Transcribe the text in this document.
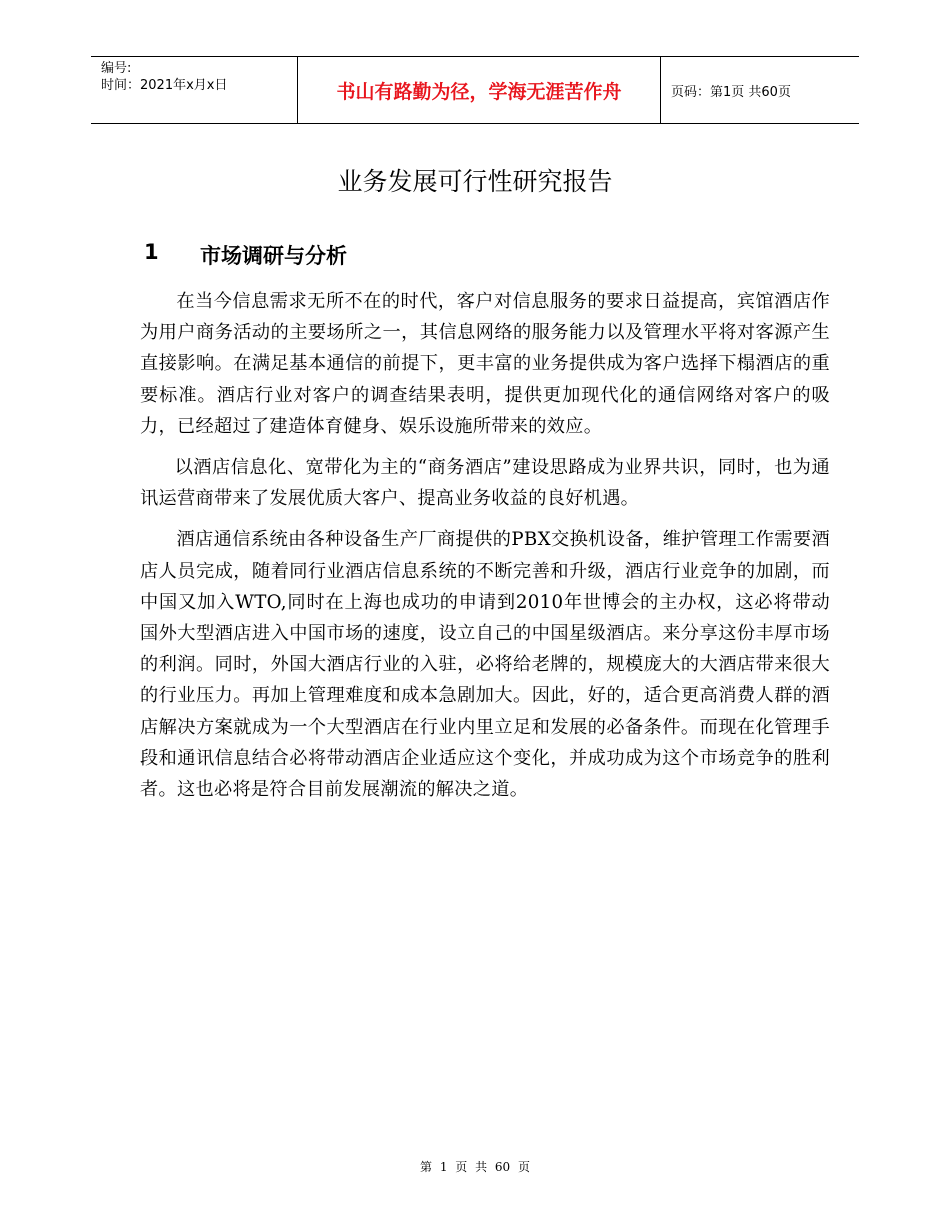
编号:
时间：2021年x月x日	书山有路勤为径，学海无涯苦作舟	页码：第1页 共60页
业务发展可行性研究报告
1	市场调研与分析

在当今信息需求无所不在的时代，客户对信息服务的要求日益提高，宾馆酒店作为用户商务活动的主要场所之一，其信息网络的服务能力以及管理水平将对客源产生直接影响。在满足基本通信的前提下，更丰富的业务提供成为客户选择下榻酒店的重要标准。酒店行业对客户的调查结果表明，提供更加现代化的通信网络对客户的吸力，已经超过了建造体育健身、娱乐设施所带来的效应。

以酒店信息化、宽带化为主的“商务酒店”建设思路成为业界共识，同时，也为通讯运营商带来了发展优质大客户、提高业务收益的良好机遇。

酒店通信系统由各种设备生产厂商提供的PBX交换机设备，维护管理工作需要酒店人员完成，随着同行业酒店信息系统的不断完善和升级，酒店行业竞争的加剧，而中国又加入WTO,同时在上海也成功的申请到2010年世博会的主办权，这必将带动国外大型酒店进入中国市场的速度，设立自己的中国星级酒店。来分享这份丰厚市场的利润。同时，外国大酒店行业的入驻，必将给老牌的，规模庞大的大酒店带来很大的行业压力。再加上管理难度和成本急剧加大。因此，好的，适合更高消费人群的酒店解决方案就成为一个大型酒店在行业内里立足和发展的必备条件。而现在化管理手段和通讯信息结合必将带动酒店企业适应这个变化，并成功成为这个市场竞争的胜利者。这也必将是符合目前发展潮流的解决之道。

第 1 页 共 60 页
